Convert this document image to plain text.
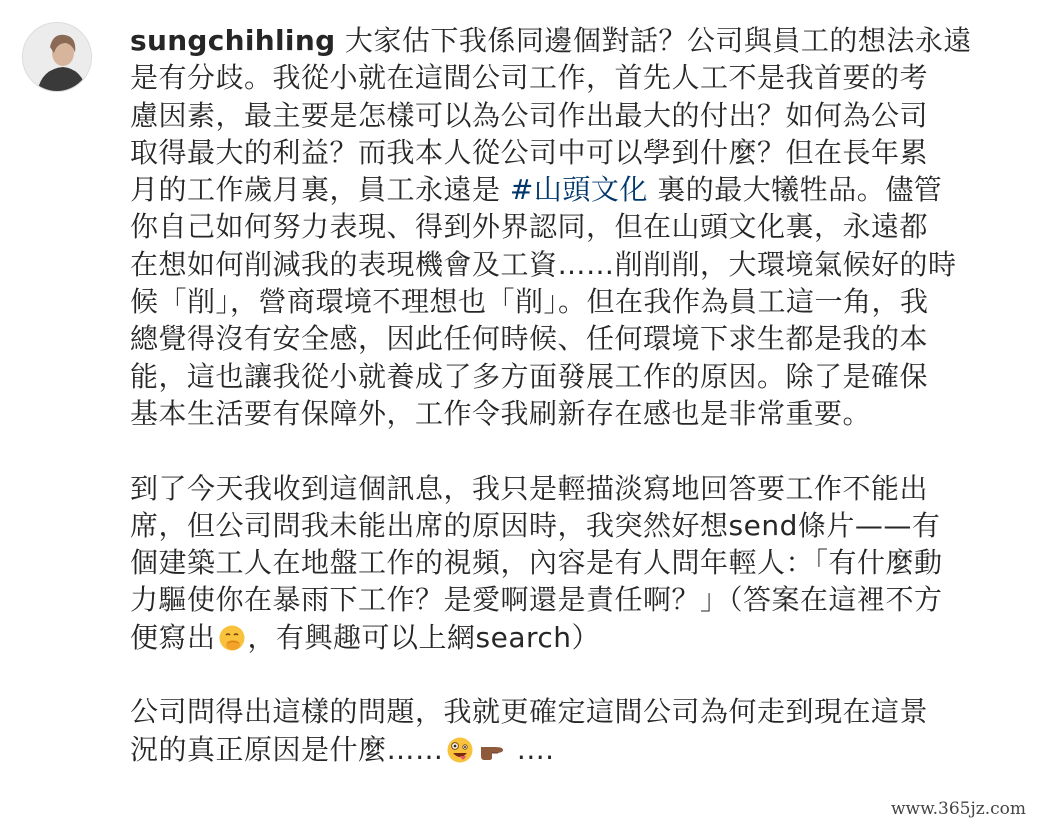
sungchihling 大家估下我係同邊個對話？公司與員工的想法永遠
是有分歧。我從小就在這間公司工作，首先人工不是我首要的考
慮因素，最主要是怎樣可以為公司作出最大的付出？如何為公司
取得最大的利益？而我本人從公司中可以學到什麼？但在長年累
月的工作歲月裏，員工永遠是 #山頭文化 裏的最大犧牲品。儘管
你自己如何努力表現、得到外界認同，但在山頭文化裏，永遠都
在想如何削減我的表現機會及工資……削削削，大環境氣候好的時
候「削」，營商環境不理想也「削」。但在我作為員工這一角，我
總覺得沒有安全感，因此任何時候、任何環境下求生都是我的本
能，這也讓我從小就養成了多方面發展工作的原因。除了是確保
基本生活要有保障外，工作令我刷新存在感也是非常重要。
到了今天我收到這個訊息，我只是輕描淡寫地回答要工作不能出
席，但公司問我未能出席的原因時，我突然好想send條片——有
個建築工人在地盤工作的視頻，內容是有人問年輕人：「有什麼動
力驅使你在暴雨下工作？是愛啊還是責任啊？」（答案在這裡不方
便寫出 ，有興趣可以上網search）
公司問得出這樣的問題，我就更確定這間公司為何走到現在這景
況的真正原因是什麼…… ....
www.365jz.com
